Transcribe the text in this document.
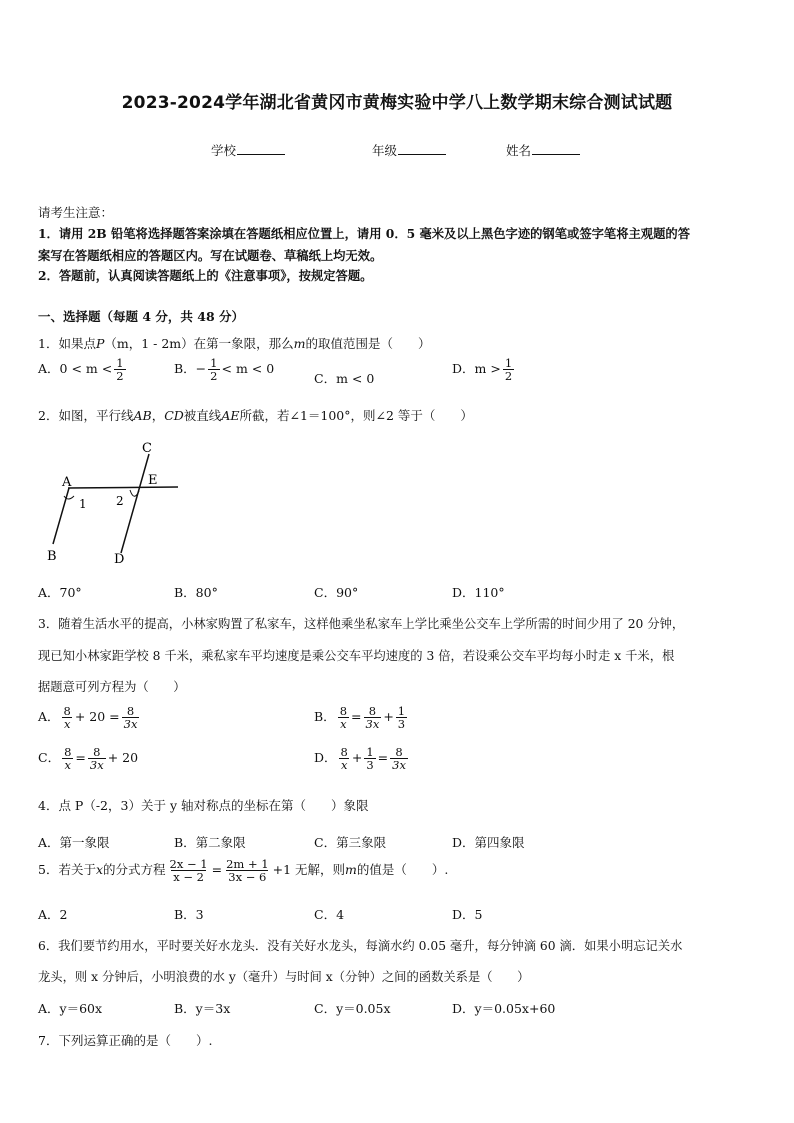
2023-2024学年湖北省黄冈市黄梅实验中学八上数学期末综合测试试题
学校	年级	姓名
请考生注意：
1．请用 2B 铅笔将选择题答案涂填在答题纸相应位置上，请用 0．5 毫米及以上黑色字迹的钢笔或签字笔将主观题的答
案写在答题纸相应的答题区内。写在试题卷、草稿纸上均无效。
2．答题前，认真阅读答题纸上的《注意事项》，按规定答题。
一、选择题（每题 4 分，共 48 分）
1．如果点P（m，1 - 2m）在第一象限，那么m的取值范围是（　　）
A．$0 < m < \frac{1}{2}$	B．− $\frac{1}{2} < m < 0$
C．m < 0
D．$m > \frac{1}{2}$
2．如图，平行线AB，CD被直线AE所截，若∠1＝100°，则∠2 等于（　　）
C
A	E
1 2
B	D
A．70°	B．80°	C．90°	D．110°
3．随着生活水平的提高，小林家购置了私家车，这样他乘坐私家车上学比乘坐公交车上学所需的时间少用了 20 分钟，
现已知小林家距学校 8 千米，乘私家车平均速度是乘公交车平均速度的 3 倍，若设乘公交车平均每小时走 x 千米，根
据题意可列方程为（　　）
A． $\frac{8}{x} + 20 = \frac{8}{3x}$	B． $\frac{8}{x} = \frac{8}{3x} + \frac{1}{3}$
C． $\frac{8}{x} = \frac{8}{3x} + 20$	D． $\frac{8}{x} + \frac{1}{3} = \frac{8}{3x}$
4．点 P（-2，3）关于 y 轴对称点的坐标在第（　　）象限
A．第一象限	B．第二象限	C．第三象限	D．第四象限
5．若关于x的分式方程 $\frac{2x - 1}{x - 2} = \frac{2m + 1}{3x - 6} +1$ 无解，则m的值是（　　）.
A．2	B．3	C．4	D．5
6．我们要节约用水，平时要关好水龙头．没有关好水龙头，每滴水约 0.05 毫升，每分钟滴 60 滴．如果小明忘记关水
龙头，则 x 分钟后，小明浪费的水 y（毫升）与时间 x（分钟）之间的函数关系是（　　）
A．y＝60x	B．y＝3x	C．y＝0.05x	D．y＝0.05x+60
7．下列运算正确的是（　　）.
